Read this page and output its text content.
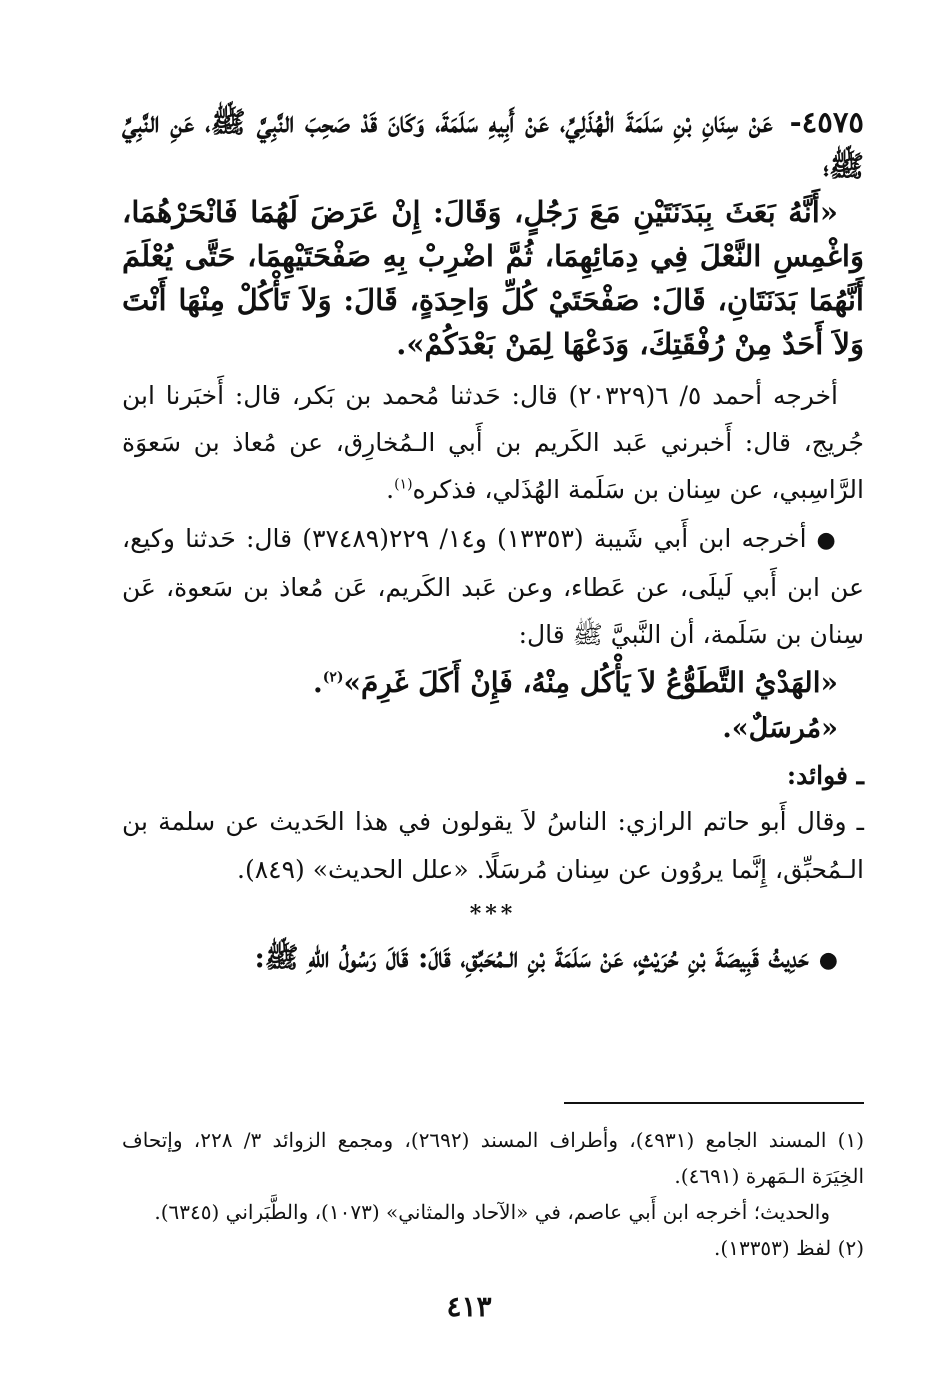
٤٥٧٥- عَنْ سِنَانِ بْنِ سَلَمَةَ الْهُذَلِيِّ، عَنْ أَبِيهِ سَلَمَةَ، وَكَانَ قَدْ صَحِبَ النَّبِيَّ ﷺ، عَنِ النَّبِيِّ ﷺ؛

«أَنَّهُ بَعَثَ بِبَدَنَتَيْنِ مَعَ رَجُلٍ، وَقَالَ: إِنْ عَرَضَ لَهُمَا فَانْحَرْهُمَا، وَاغْمِسِ النَّعْلَ فِي دِمَائِهِمَا، ثُمَّ اضْرِبْ بِهِ صَفْحَتَيْهِمَا، حَتَّى يُعْلَمَ أَنَّهُمَا بَدَنَتَانِ، قَالَ: صَفْحَتَيْ كُلِّ وَاحِدَةٍ، قَالَ: وَلاَ تَأْكُلْ مِنْهَا أَنْتَ وَلاَ أَحَدٌ مِنْ رُفْقَتِكَ، وَدَعْهَا لِمَنْ بَعْدَكُمْ».

أخرجه أحمد ٥/ ٦(٢٠٣٢٩) قال: حَدثنا مُحمد بن بَكر، قال: أَخبَرنا ابن جُريج، قال: أَخبرني عَبد الكَريم بن أَبي الـمُخارِق، عن مُعاذ بن سَعوَة الرَّاسِبي، عن سِنان بن سَلَمة الهُذَلي، فذكره$^{(١)}$.

●أخرجه ابن أَبي شَيبة (١٣٣٥٣) و١٤/ ٢٢٩(٣٧٤٨٩) قال: حَدثنا وكيع، عن ابن أَبي لَيلَى، عن عَطاء، وعن عَبد الكَريم، عَن مُعاذ بن سَعوة، عَن سِنان بن سَلَمة، أن النَّبيَّ ﷺ قال:

«الهَدْيُ التَّطَوُّعُ لاَ يَأْكُل مِنْهُ، فَإِنْ أَكَلَ غَرِمَ»$^{(٢)}$.

«مُرسَلٌ».

ـ فوائد:

ـ وقال أَبو حاتم الرازي: الناسُ لاَ يقولون في هذا الحَديث عن سلمة بن الـمُحبِّق، إِنَّما يروُون عن سِنان مُرسَلًا. «علل الحديث» (٨٤٩).

***

●حَدِيثُ قَبِيصَةَ بْنِ حُرَيْثٍ، عَنْ سَلَمَةَ بْنِ الـمُحَبِّقِ، قَالَ: قَالَ رَسُولُ اللهِ ﷺ:

(١) المسند الجامع (٤٩٣١)، وأطراف المسند (٢٦٩٢)، ومجمع الزوائد ٣/ ٢٢٨، وإتحاف الخِيَرَة الـمَهرة (٤٦٩١).

والحديث؛ أخرجه ابن أَبي عاصم، في «الآحاد والمثاني» (١٠٧٣)، والطَّبَراني (٦٣٤٥).

(٢) لفظ (١٣٣٥٣).

٤١٣
